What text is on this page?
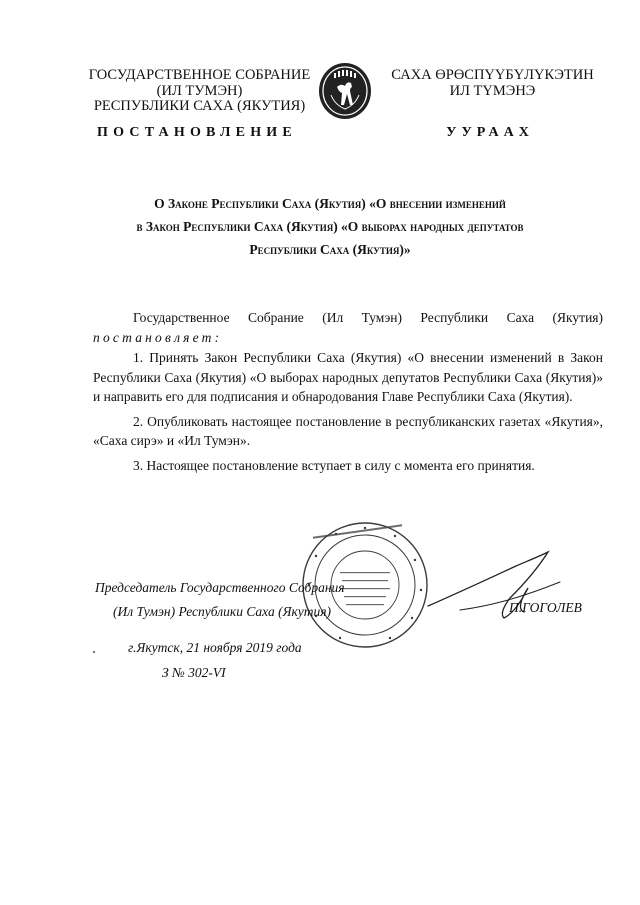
ГОСУДАРСТВЕННОЕ СОБРАНИЕ
(ИЛ ТУМЭН)
РЕСПУБЛИКИ САХА (ЯКУТИЯ)
САХА ӨРӨСПҮҮБҮЛҮКЭТИН
ИЛ ТҮМЭНЭ
ПОСТАНОВЛЕНИЕ	УУРААХ
О Законе Республики Саха (Якутия) «О внесении изменений
в Закон Республики Саха (Якутия) «О выборах народных депутатов
Республики Саха (Якутия)»

Государственное Собрание (Ил Тумэн) Республики Саха (Якутия)

постановляет:

1. Принять Закон Республики Саха (Якутия) «О внесении изменений в Закон Республики Саха (Якутия) «О выборах народных депутатов Республики Саха (Якутия)» и направить его для подписания и обнародования Главе Республики Саха (Якутия).

2. Опубликовать настоящее постановление в республиканских газетах «Якутия», «Саха сирэ» и «Ил Тумэн».

3. Настоящее постановление вступает в силу с момента его принятия.

Председатель Государственного Собрания
(Ил Тумэн) Республики Саха (Якутия)	П.ГОГОЛЕВ
г.Якутск, 21 ноября 2019 года
З № 302-VI
